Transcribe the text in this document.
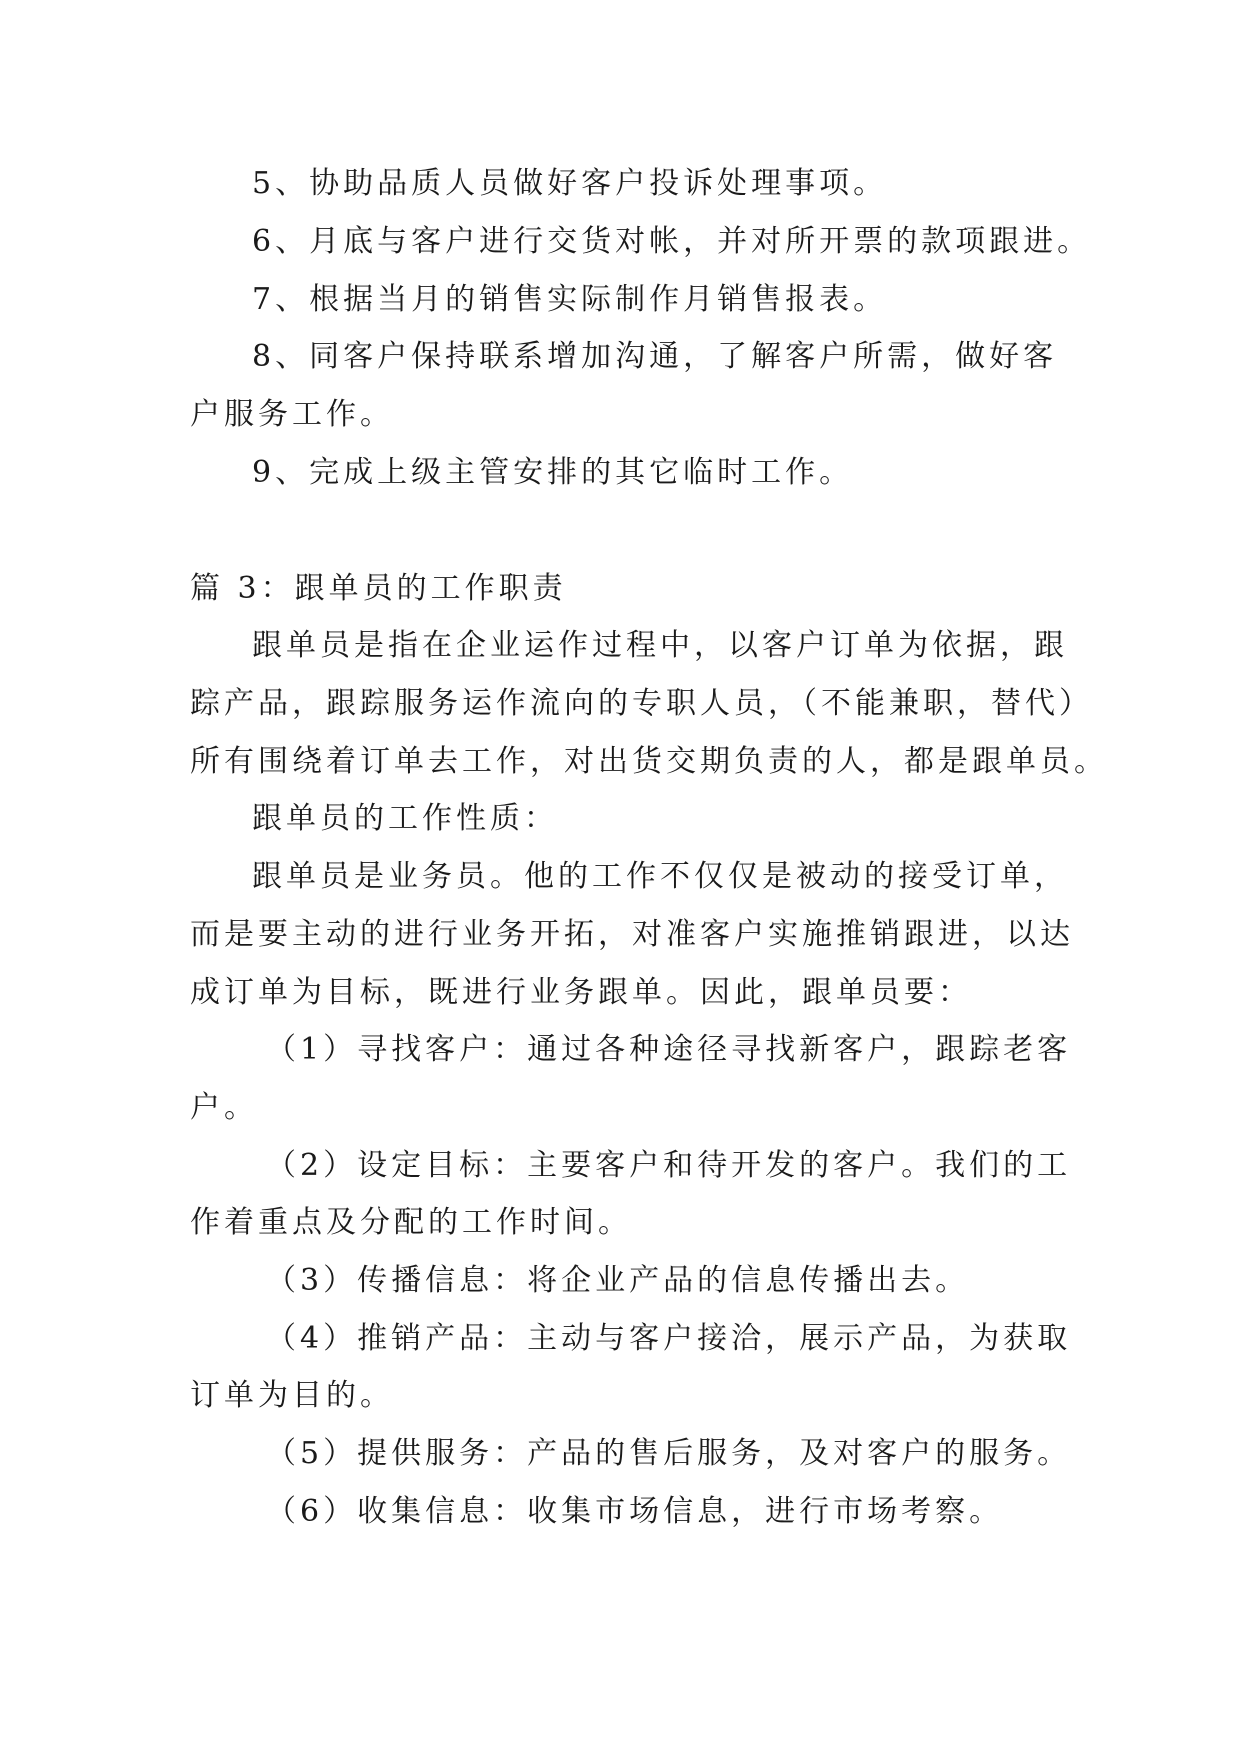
5、协助品质人员做好客户投诉处理事项。
6、月底与客户进行交货对帐，并对所开票的款项跟进。
7、根据当月的销售实际制作月销售报表。
8、同客户保持联系增加沟通，了解客户所需，做好客
户服务工作。
9、完成上级主管安排的其它临时工作。
篇 3：跟单员的工作职责
跟单员是指在企业运作过程中，以客户订单为依据，跟
踪产品，跟踪服务运作流向的专职人员，（不能兼职，替代）
所有围绕着订单去工作，对出货交期负责的人，都是跟单员。
跟单员的工作性质：
跟单员是业务员。他的工作不仅仅是被动的接受订单，
而是要主动的进行业务开拓，对准客户实施推销跟进，以达
成订单为目标，既进行业务跟单。因此，跟单员要：
（1）寻找客户：通过各种途径寻找新客户，跟踪老客
户。
（2）设定目标：主要客户和待开发的客户。我们的工
作着重点及分配的工作时间。
（3）传播信息：将企业产品的信息传播出去。
（4）推销产品：主动与客户接洽，展示产品，为获取
订单为目的。
（5）提供服务：产品的售后服务，及对客户的服务。
（6）收集信息：收集市场信息，进行市场考察。
